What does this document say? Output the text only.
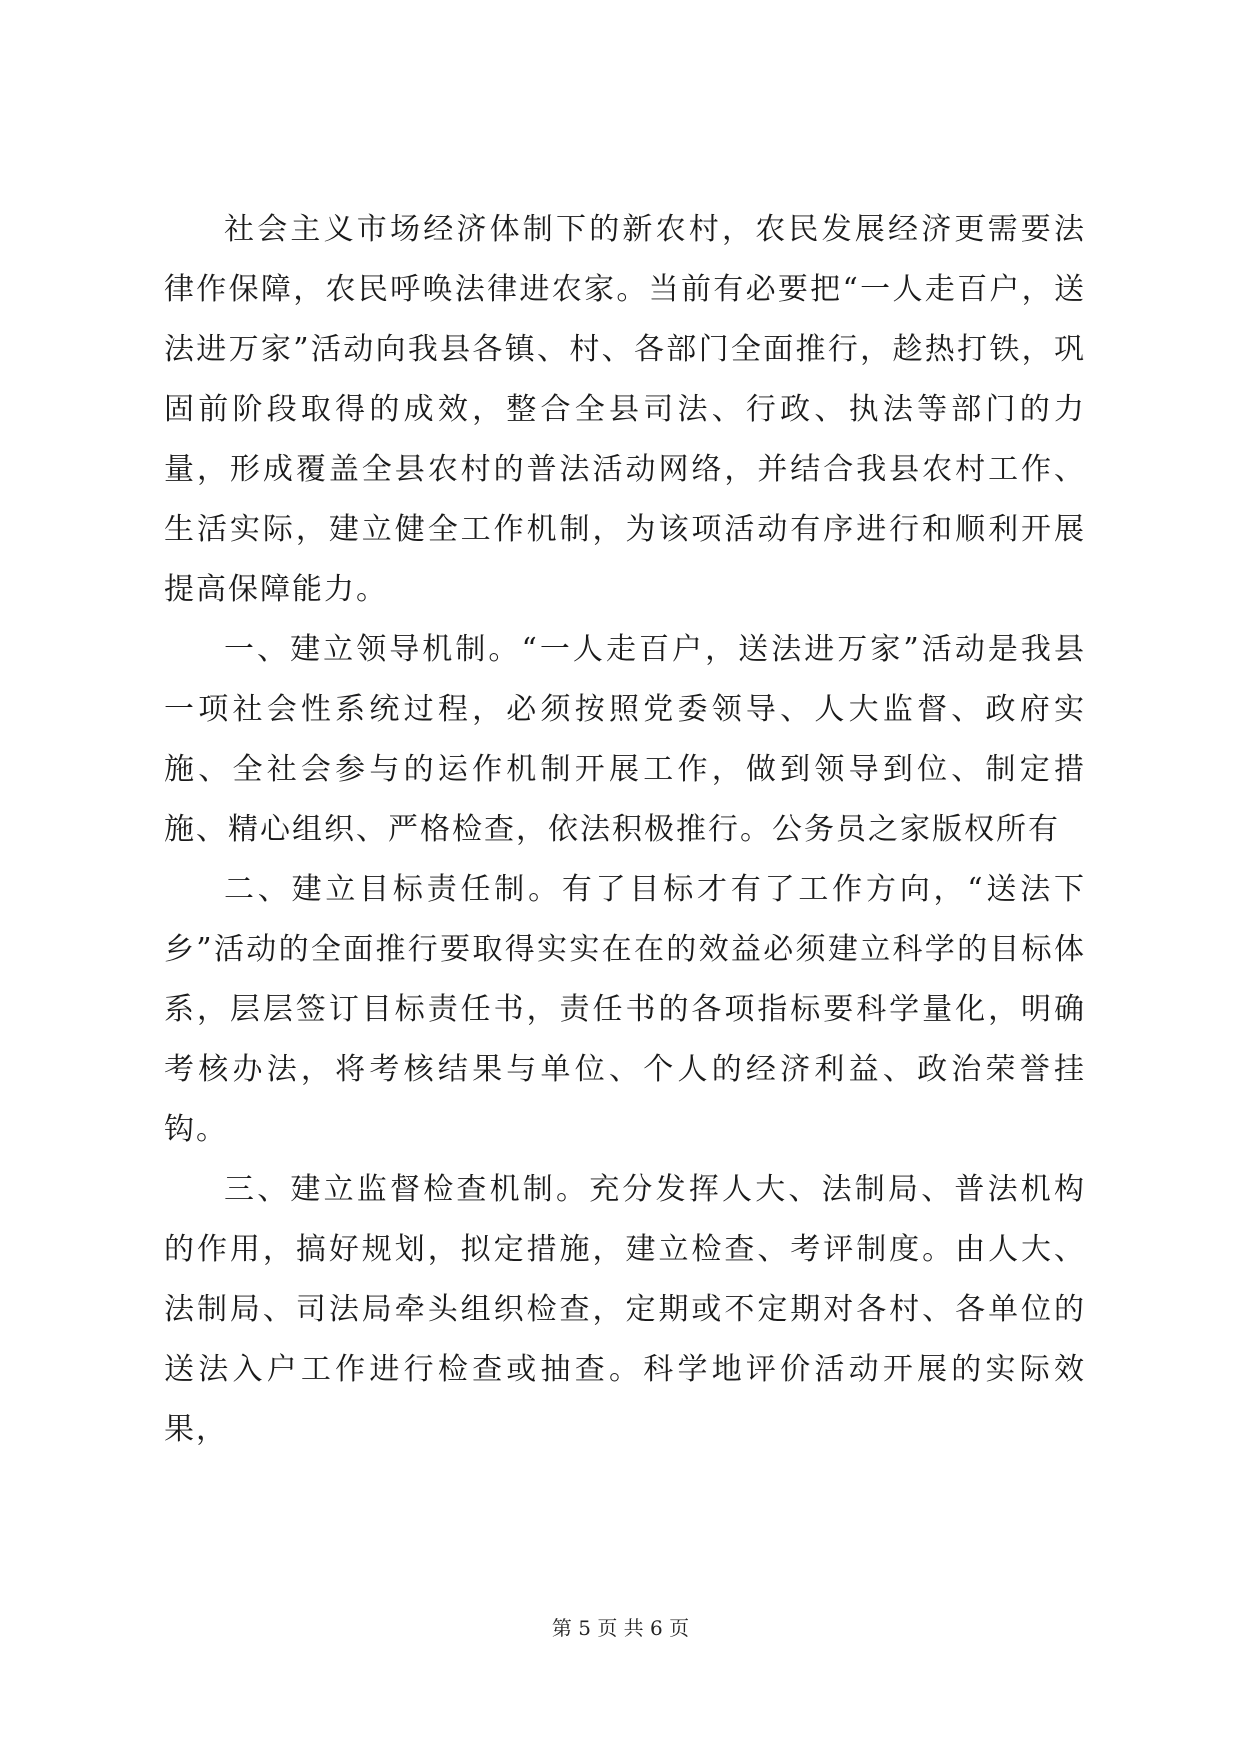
社会主义市场经济体制下的新农村，农民发展经济更需要法律作保障，农民呼唤法律进农家。当前有必要把“一人走百户，送法进万家”活动向我县各镇、村、各部门全面推行，趁热打铁，巩固前阶段取得的成效，整合全县司法、行政、执法等部门的力量，形成覆盖全县农村的普法活动网络，并结合我县农村工作、生活实际，建立健全工作机制，为该项活动有序进行和顺利开展提高保障能力。

一、建立领导机制。“一人走百户，送法进万家”活动是我县一项社会性系统过程，必须按照党委领导、人大监督、政府实施、全社会参与的运作机制开展工作，做到领导到位、制定措施、精心组织、严格检查，依法积极推行。公务员之家版权所有

二、建立目标责任制。有了目标才有了工作方向，“送法下乡”活动的全面推行要取得实实在在的效益必须建立科学的目标体系，层层签订目标责任书，责任书的各项指标要科学量化，明确考核办法，将考核结果与单位、个人的经济利益、政治荣誉挂钩。

三、建立监督检查机制。充分发挥人大、法制局、普法机构的作用，搞好规划，拟定措施，建立检查、考评制度。由人大、法制局、司法局牵头组织检查，定期或不定期对各村、各单位的送法入户工作进行检查或抽查。科学地评价活动开展的实际效果，

第 5 页 共 6 页
